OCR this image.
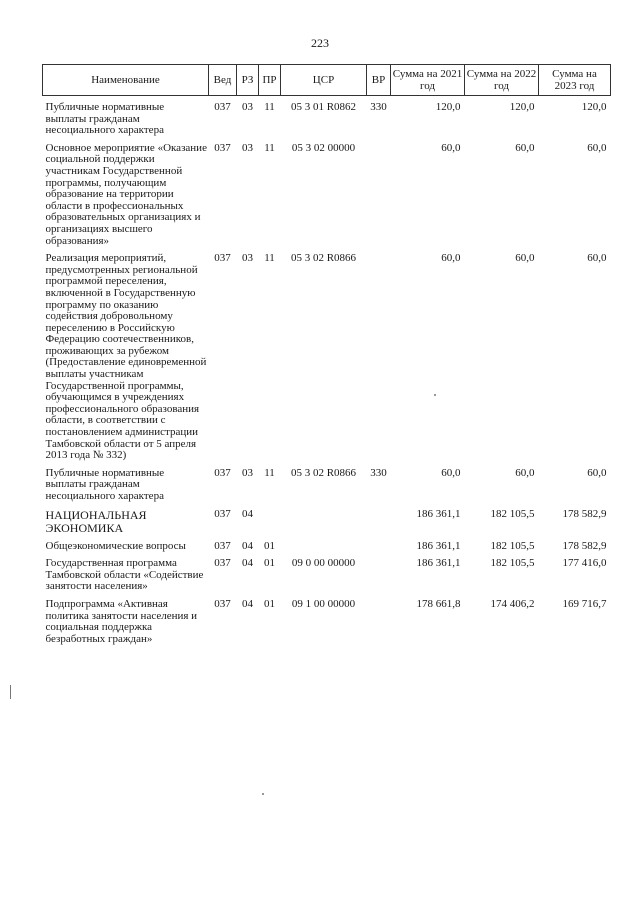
223
Наименование	Вед	РЗ	ПР	ЦСР	ВР	Сумма на 2021 год	Сумма на 2022 год	Сумма на 2023 год
Публичные нормативные выплаты гражданам несоциального характера	037	03	11	05 3 01 R0862	330	120,0	120,0	120,0
Основное мероприятие «Оказание социальной поддержки участникам Государственной программы, получающим образование на территории области в профессиональных образовательных организациях и организациях высшего образования»	037	03	11	05 3 02 00000		60,0	60,0	60,0
Реализация мероприятий, предусмотренных региональной программой переселения, включенной в Государственную программу по оказанию содействия добровольному переселению в Российскую Федерацию соотечественников, проживающих за рубежом (Предоставление единовременной выплаты участникам Государственной программы, обучающимся в учреждениях профессионального образования области, в соответствии с постановлением администрации Тамбовской области от 5 апреля 2013 года № 332)	037	03	11	05 3 02 R0866		60,0	60,0	60,0
Публичные нормативные выплаты гражданам несоциального характера	037	03	11	05 3 02 R0866	330	60,0	60,0	60,0
НАЦИОНАЛЬНАЯ ЭКОНОМИКА	037	04				186 361,1	182 105,5	178 582,9
Общеэкономические вопросы	037	04	01			186 361,1	182 105,5	178 582,9
Государственная программа Тамбовской области «Содействие занятости населения»	037	04	01	09 0 00 00000		186 361,1	182 105,5	177 416,0
Подпрограмма «Активная политика занятости населения и социальная поддержка безработных граждан»	037	04	01	09 1 00 00000		178 661,8	174 406,2	169 716,7
